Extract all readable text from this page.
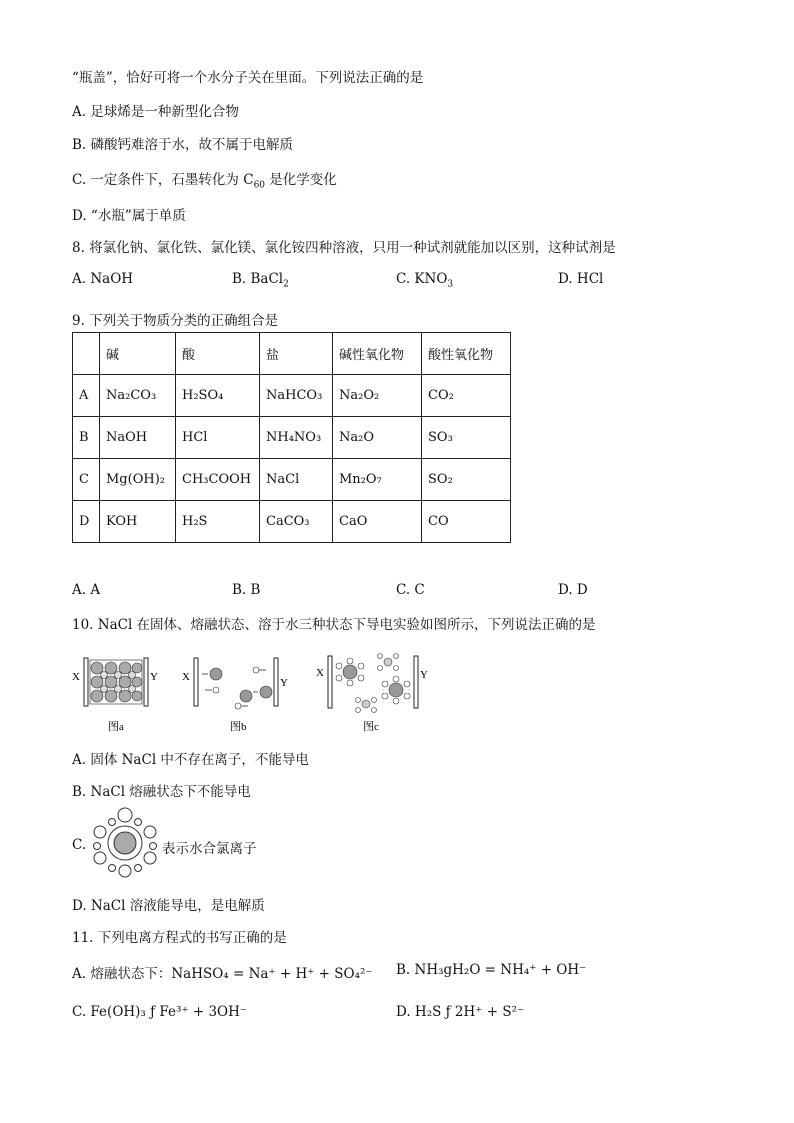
“瓶盖”，恰好可将一个水分子关在里面。下列说法正确的是
A. 足球烯是一种新型化合物
B. 磷酸钙难溶于水，故不属于电解质
C. 一定条件下，石墨转化为 $C_{60}$ 是化学变化
D. “水瓶”属于单质
8. 将氯化钠、氯化铁、氯化镁、氯化铵四种溶液，只用一种试剂就能加以区别，这种试剂是
A. NaOH	B. BaCl$_2$	C. $KNO_3$	D. HCl
9. 下列关于物质分类的正确组合是
	碱	酸	盐	碱性氧化物	酸性氧化物
A	Na₂CO₃	H₂SO₄	NaHCO₃	Na₂O₂	CO₂
B	NaOH	HCl	NH₄NO₃	Na₂O	SO₃
C	Mg(OH)₂	CH₃COOH	NaCl	Mn₂O₇	SO₂
D	KOH	H₂S	CaCO₃	CaO	CO
A. A	B. B	C. C	D. D
10. NaCl 在固体、熔融状态、溶于水三种状态下导电实验如图所示，下列说法正确的是
X	Y
图a
X	Y
图b
X	Y
图c
A. 固体 NaCl 中不存在离子，不能导电
B. NaCl 熔融状态下不能导电
C.	表示水合氯离子
D. NaCl 溶液能导电，是电解质
11. 下列电离方程式的书写正确的是
A. 熔融状态下：NaHSO₄ = Na⁺ + H⁺ + SO₄²⁻ B. NH₃gH₂O = NH₄⁺ + OH⁻
C. Fe(OH)₃ ƒ Fe³⁺ + 3OH⁻	D. H₂S ƒ 2H⁺ + S²⁻
